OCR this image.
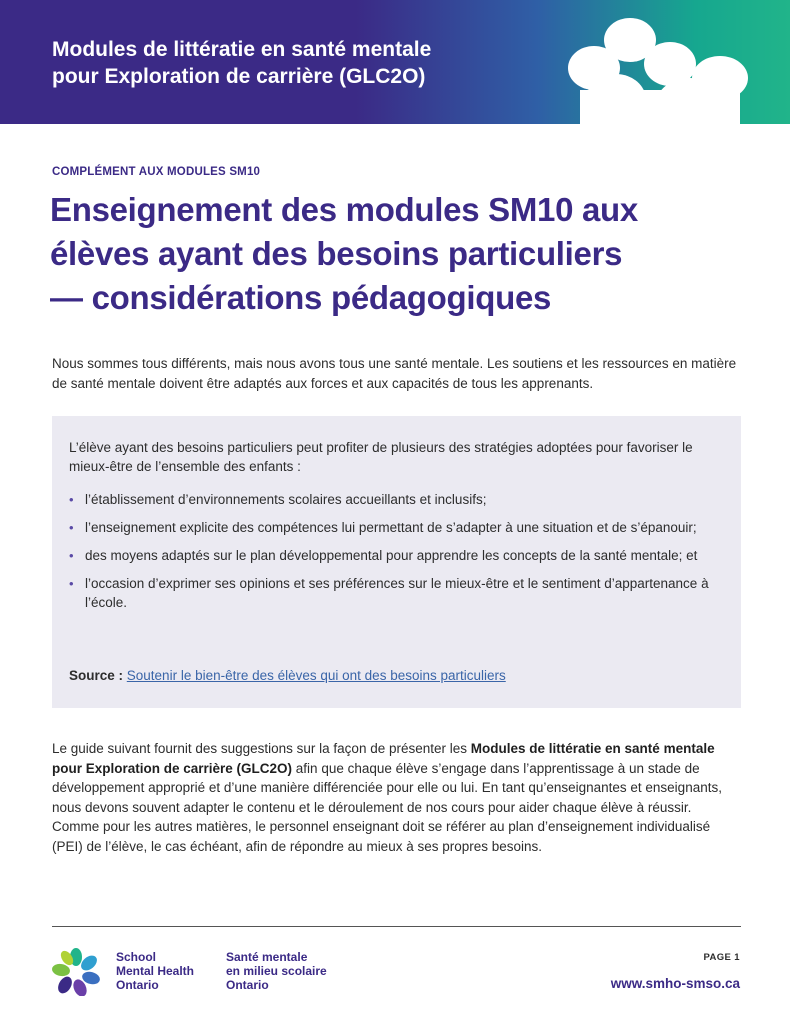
Modules de littératie en santé mentale
pour Exploration de carrière (GLC2O)
COMPLÉMENT AUX MODULES SM10
Enseignement des modules SM10 aux
élèves ayant des besoins particuliers
— considérations pédagogiques

Nous sommes tous différents, mais nous avons tous une santé mentale. Les soutiens et les ressources en matière de santé mentale doivent être adaptés aux forces et aux capacités de tous les apprenants.

L’élève ayant des besoins particuliers peut profiter de plusieurs des stratégies adoptées pour favoriser le mieux-être de l’ensemble des enfants :

• l’établissement d’environnements scolaires accueillants et inclusifs;
• l’enseignement explicite des compétences lui permettant de s’adapter à une situation et de s’épanouir;
• des moyens adaptés sur le plan développemental pour apprendre les concepts de la santé mentale; et
• l’occasion d’exprimer ses opinions et ses préférences sur le mieux-être et le sentiment d’appartenance à l’école.

Source : Soutenir le bien-être des élèves qui ont des besoins particuliers

Le guide suivant fournit des suggestions sur la façon de présenter les Modules de littératie en santé mentale pour Exploration de carrière (GLC2O) afin que chaque élève s’engage dans l’apprentissage à un stade de développement approprié et d’une manière différenciée pour elle ou lui. En tant qu’enseignantes et enseignants, nous devons souvent adapter le contenu et le déroulement de nos cours pour aider chaque élève à réussir. Comme pour les autres matières, le personnel enseignant doit se référer au plan d’enseignement individualisé (PEI) de l’élève, le cas échéant, afin de répondre au mieux à ses propres besoins.

School
Mental Health
Ontario
Santé mentale
en milieu scolaire
Ontario
PAGE 1
www.smho-smso.ca
